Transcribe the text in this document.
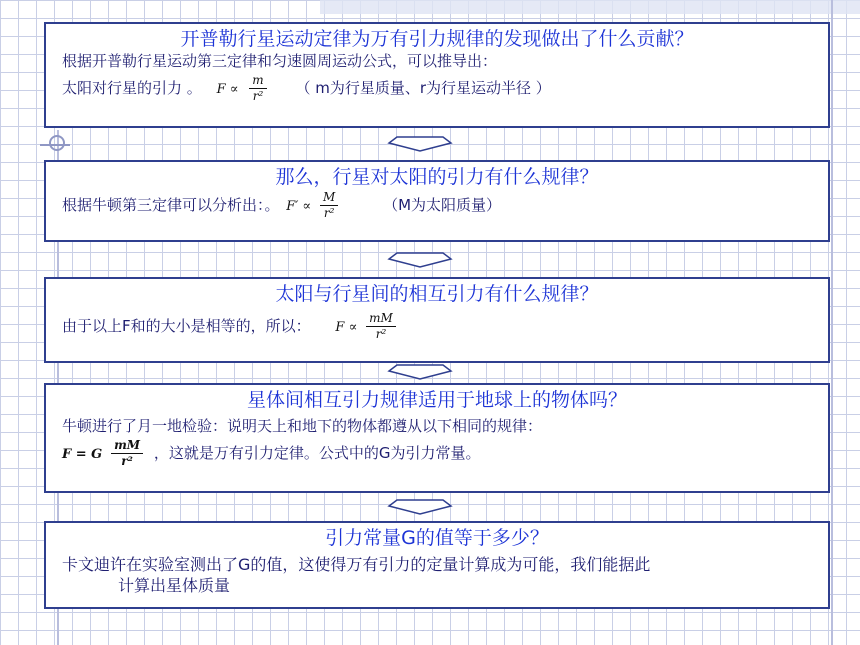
开普勒行星运动定律为万有引力规律的发现做出了什么贡献？
根据开普勒行星运动第三定律和匀速圆周运动公式，可以推导出：
太阳对行星的引力 。 $F \propto \frac{m}{\text{r²}}$ （ m为行星质量、r为行星运动半径 ）
那么，行星对太阳的引力有什么规律？
根据牛顿第三定律可以分析出：。 $F' \propto \frac{M}{\text{r²}}$	（M为太阳质量）
太阳与行星间的相互引力有什么规律？
由于以上F和的大小是相等的，所以： $F \propto \frac{mM}{\text{r²}}$
星体间相互引力规律适用于地球上的物体吗？
牛顿进行了月一地检验：说明天上和地下的物体都遵从以下相同的规律：
F = G $\frac{mM}{\text{r²}}$ ，这就是万有引力定律。公式中的G为引力常量。
引力常量G的值等于多少？
卡文迪许在实验室测出了G的值，这使得万有引力的定量计算成为可能，我们能据此
计算出星体质量
